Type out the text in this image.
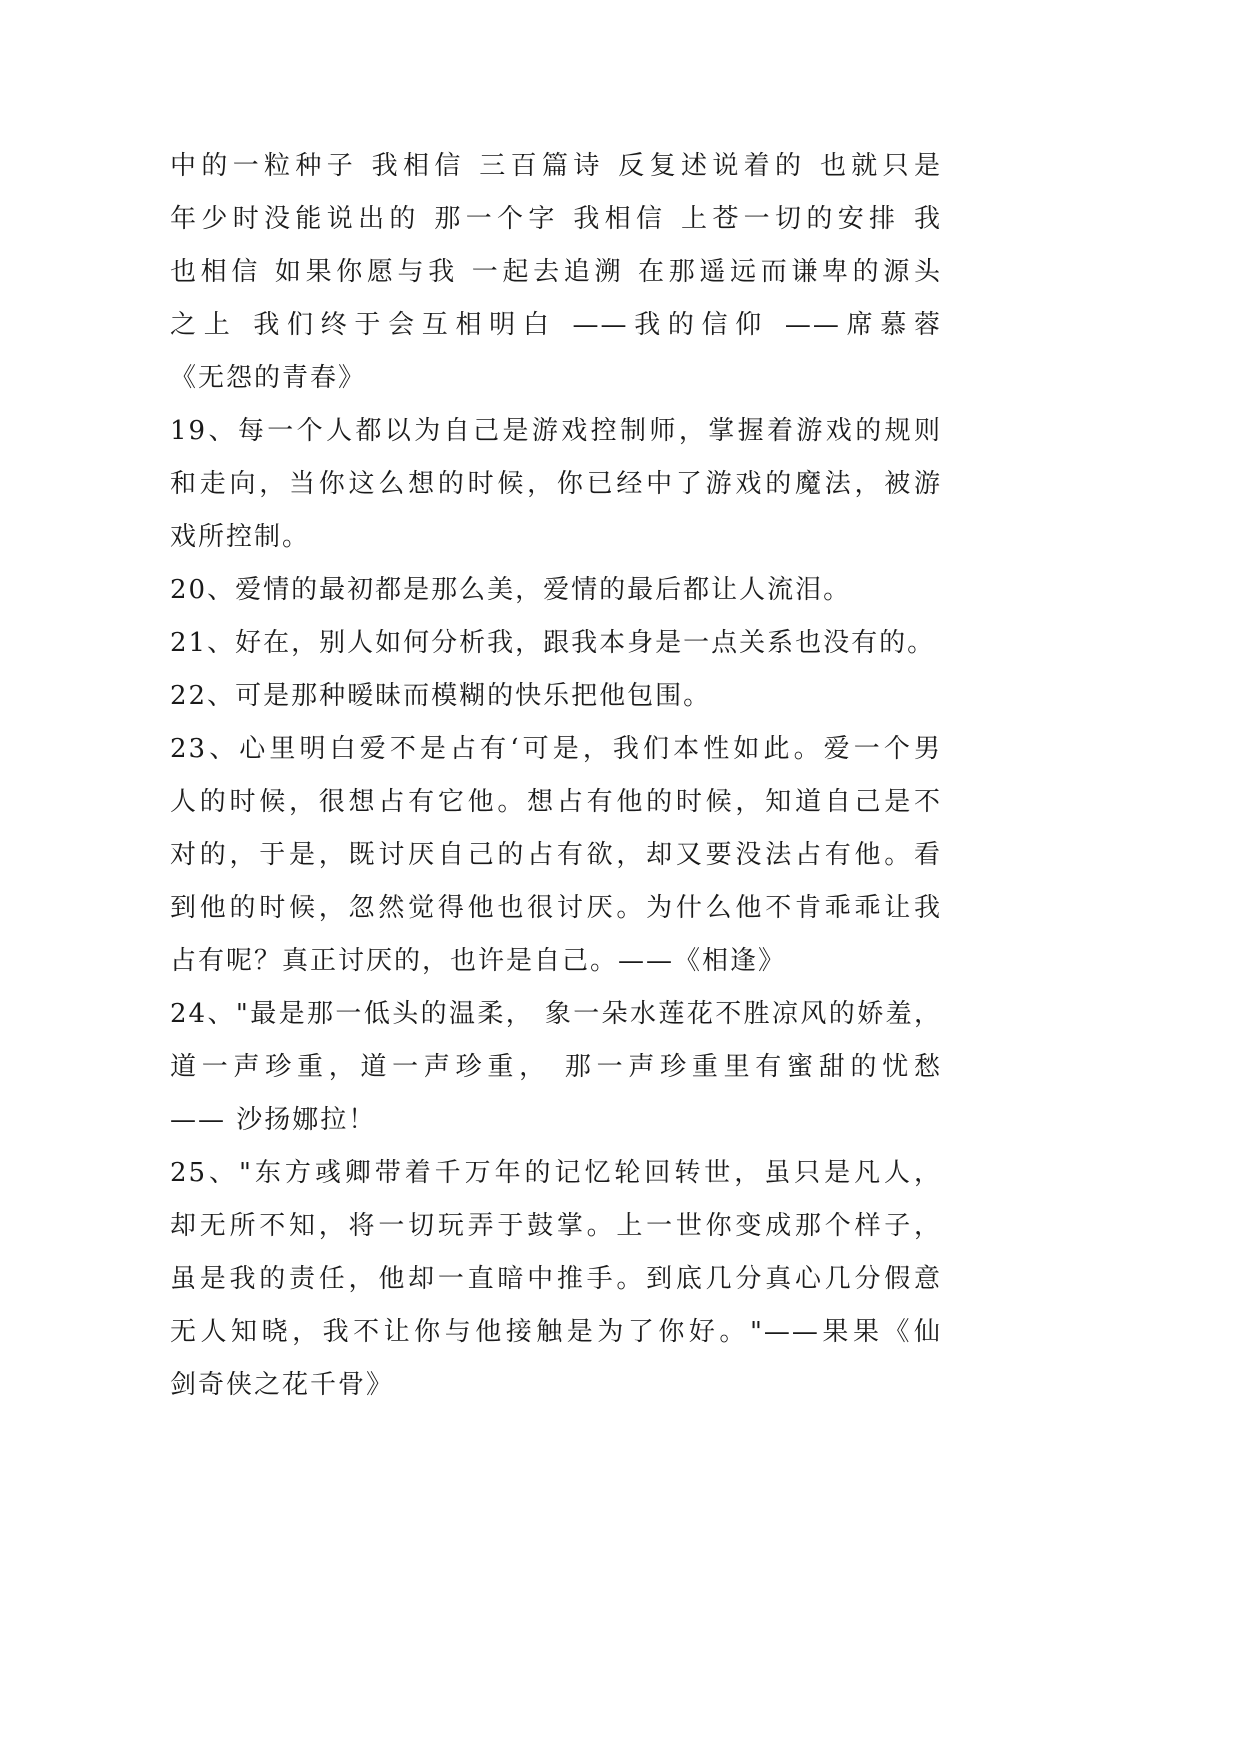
中的一粒种子 我相信 三百篇诗 反复述说着的 也就只是
年少时没能说出的 那一个字 我相信 上苍一切的安排 我
也相信 如果你愿与我 一起去追溯 在那遥远而谦卑的源头
之上 我们终于会互相明白 ——我的信仰 ——席慕蓉
《无怨的青春》
19、每一个人都以为自己是游戏控制师，掌握着游戏的规则
和走向，当你这么想的时候，你已经中了游戏的魔法，被游
戏所控制。
20、爱情的最初都是那么美，爱情的最后都让人流泪。
21、好在，别人如何分析我，跟我本身是一点关系也没有的。
22、可是那种暧昧而模糊的快乐把他包围。
23、心里明白爱不是占有‘可是，我们本性如此。爱一个男
人的时候，很想占有它他。想占有他的时候，知道自己是不
对的，于是，既讨厌自己的占有欲，却又要没法占有他。看
到他的时候，忽然觉得他也很讨厌。为什么他不肯乖乖让我
占有呢？真正讨厌的，也许是自己。——《相逢》
24、"最是那一低头的温柔， 象一朵水莲花不胜凉风的娇羞，
道一声珍重，道一声珍重， 那一声珍重里有蜜甜的忧愁
—— 沙扬娜拉！
25、"东方彧卿带着千万年的记忆轮回转世，虽只是凡人，
却无所不知，将一切玩弄于鼓掌。上一世你变成那个样子，
虽是我的责任，他却一直暗中推手。到底几分真心几分假意
无人知晓，我不让你与他接触是为了你好。"——果果《仙
剑奇侠之花千骨》
